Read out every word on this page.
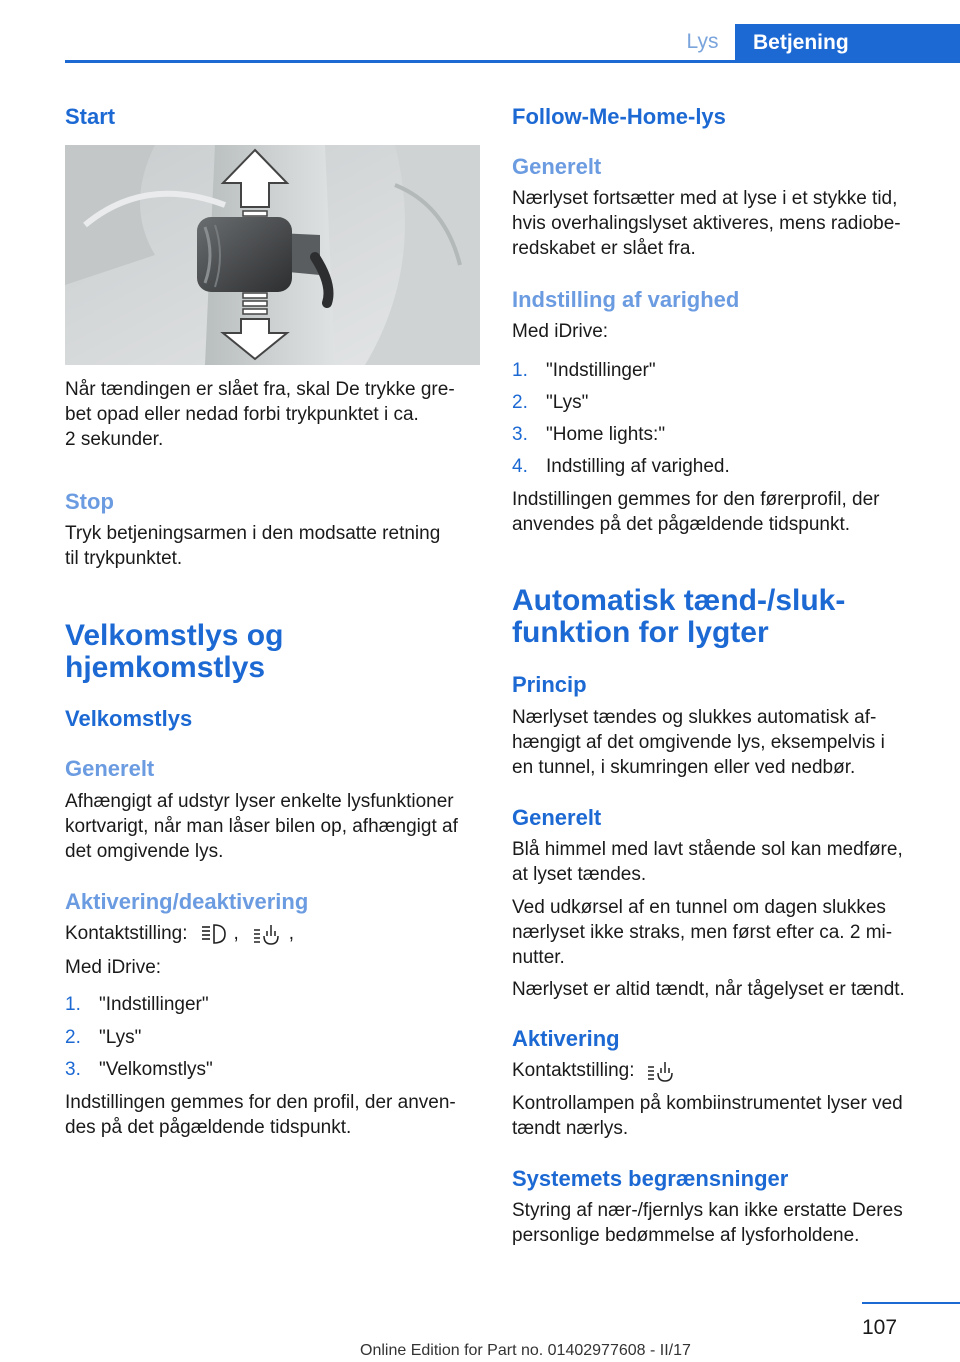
Lys	Betjening
Start
Når tændingen er slået fra, skal De trykke gre‐
bet opad eller nedad forbi trykpunktet i ca.
2 sekunder.
Stop
Tryk betjeningsarmen i den modsatte retning
til trykpunktet.
Velkomstlys og
hjemkomstlys
Velkomstlys
Generelt
Afhængigt af udstyr lyser enkelte lysfunktioner
kortvarigt, når man låser bilen op, afhængigt af
det omgivende lys.
Aktivering/deaktivering
Kontaktstilling: ,	,
Med iDrive:
1. "Indstillinger"
2. "Lys"
3. "Velkomstlys"
Indstillingen gemmes for den profil, der anven‐
des på det pågældende tidspunkt.
Follow-Me-Home-lys
Generelt
Nærlyset fortsætter med at lyse i et stykke tid,
hvis overhalingslyset aktiveres, mens radiobe‐
redskabet er slået fra.
Indstilling af varighed
Med iDrive:
1. "Indstillinger"
2. "Lys"
3. "Home lights:"
4. Indstilling af varighed.
Indstillingen gemmes for den førerprofil, der
anvendes på det pågældende tidspunkt.
Automatisk tænd-/sluk‐
funktion for lygter
Princip
Nærlyset tændes og slukkes automatisk af‐
hængigt af det omgivende lys, eksempelvis i
en tunnel, i skumringen eller ved nedbør.
Generelt
Blå himmel med lavt stående sol kan medføre,
at lyset tændes.
Ved udkørsel af en tunnel om dagen slukkes
nærlyset ikke straks, men først efter ca. 2 mi‐
nutter.
Nærlyset er altid tændt, når tågelyset er tændt.
Aktivering
Kontaktstilling:
Kontrollampen på kombiinstrumentet lyser ved
tændt nærlys.
Systemets begrænsninger
Styring af nær-/fjernlys kan ikke erstatte Deres
personlige bedømmelse af lysforholdene.
107
Online Edition for Part no. 01402977608 - II/17
